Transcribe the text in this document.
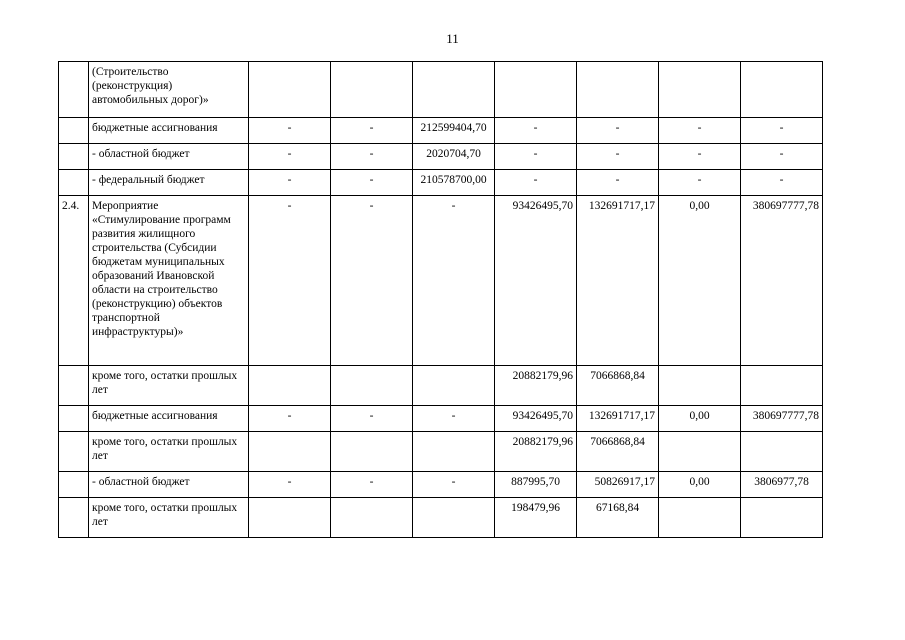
11
	(Строительство (реконструкция) автомобильных дорог)»							
	бюджетные ассигнования	-	-	212599404,70	-	-	-	-
	- областной бюджет	-	-	2020704,70	-	-	-	-
	- федеральный бюджет	-	-	210578700,00	-	-	-	-
2.4.	Мероприятие «Стимулирование программ развития жилищного строительства (Субсидии бюджетам муниципальных образований Ивановской области на строительство (реконструкцию) объектов транспортной инфраструктуры)»	-	-	-	93426495,70	132691717,17	0,00	380697777,78
	кроме того, остатки прошлых лет				20882179,96	7066868,84		
	бюджетные ассигнования	-	-	-	93426495,70	132691717,17	0,00	380697777,78
	кроме того, остатки прошлых лет				20882179,96	7066868,84		
	- областной бюджет	-	-	-	887995,70	50826917,17	0,00	3806977,78
	кроме того, остатки прошлых лет				198479,96	67168,84		
